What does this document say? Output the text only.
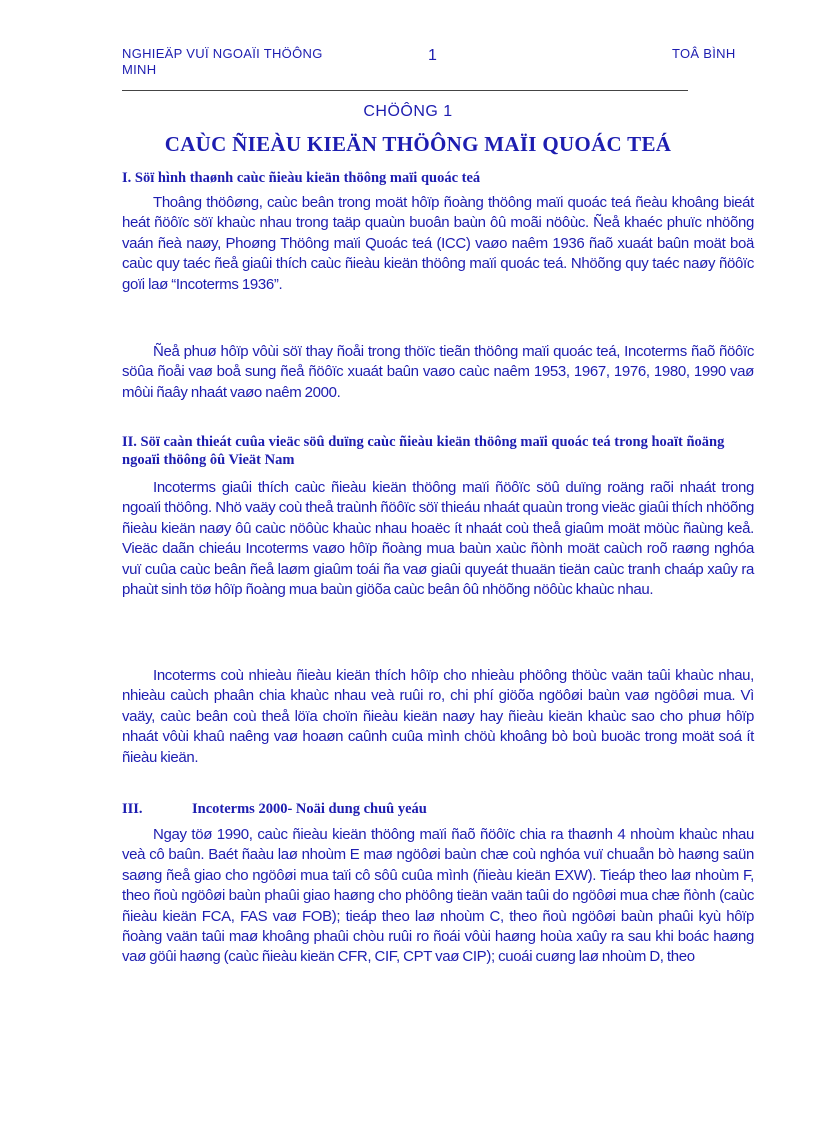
NGHIEÄP VUÏ NGOAÏI THÖÔNG MINH
1	TOÂ BÌNH
CHÖÔNG 1
CAÙC ÑIEÀU KIEÄN THÖÔNG MAÏI QUOÁC TEÁ
I. Söï hình thaønh caùc ñieàu kieän thöông maïi quoác teá
Thoâng thöôøng, caùc beân trong moät hôïp ñoàng thöông maïi quoác teá ñeàu khoâng bieát heát ñöôïc söï khaùc nhau trong taäp quaùn buoân baùn ôû moãi nöôùc. Ñeå khaéc phuïc nhöõng vaán ñeà naøy, Phoøng Thöông maïi Quoác teá (ICC) vaøo naêm 1936 ñaõ xuaát baûn moät boä caùc quy taéc ñeå giaûi thích caùc ñieàu kieän thöông maïi quoác teá. Nhöõng quy taéc naøy ñöôïc goïi laø “Incoterms 1936”.
Ñeå phuø hôïp vôùi söï thay ñoåi trong thöïc tieãn thöông maïi quoác teá, Incoterms ñaõ ñöôïc söûa ñoåi vaø boå sung ñeå ñöôïc xuaát baûn vaøo caùc naêm 1953, 1967, 1976, 1980, 1990 vaø môùi ñaây nhaát vaøo naêm 2000.
II. Söï caàn thieát cuûa vieäc söû duïng caùc ñieàu kieän thöông maïi quoác teá trong hoaït ñoäng ngoaïi thöông ôû Vieät Nam
Incoterms giaûi thích caùc ñieàu kieän thöông maïi ñöôïc söû duïng roäng raõi nhaát trong ngoaïi thöông. Nhö vaäy coù theå traùnh ñöôïc söï thieáu nhaát quaùn trong vieäc giaûi thích nhöõng ñieàu kieän naøy ôû caùc nöôùc khaùc nhau hoaëc ít nhaát coù theå giaûm moät möùc ñaùng keå. Vieäc daãn chieáu Incoterms vaøo hôïp ñoàng mua baùn xaùc ñònh moät caùch roõ raøng nghóa vuï cuûa caùc beân ñeå laøm giaûm toái ña vaø giaûi quyeát thuaän tieän caùc tranh chaáp xaûy ra phaùt sinh töø hôïp ñoàng mua baùn giöõa caùc beân ôû nhöõng nöôùc khaùc nhau.
Incoterms coù nhieàu ñieàu kieän thích hôïp cho nhieàu phöông thöùc vaän taûi khaùc nhau, nhieàu caùch phaân chia khaùc nhau veà ruûi ro, chi phí giöõa ngöôøi baùn vaø ngöôøi mua. Vì vaäy, caùc beân coù theå löïa choïn ñieàu kieän naøy hay ñieàu kieän khaùc sao cho phuø hôïp nhaát vôùi khaû naêng vaø hoaøn caûnh cuûa mình chöù khoâng bò boù buoäc trong moät soá ít ñieàu kieän.
III.	Incoterms 2000- Noäi dung chuû yeáu
Ngay töø 1990, caùc ñieàu kieän thöông maïi ñaõ ñöôïc chia ra thaønh 4 nhoùm khaùc nhau veà cô baûn. Baét ñaàu laø nhoùm E maø ngöôøi baùn chæ coù nghóa vuï chuaån bò haøng saün saøng ñeå giao cho ngöôøi mua taïi cô sôû cuûa mình (ñieàu kieän EXW). Tieáp theo laø nhoùm F, theo ñoù ngöôøi baùn phaûi giao haøng cho phöông tieän vaän taûi do ngöôøi mua chæ ñònh (caùc ñieàu kieän FCA, FAS vaø FOB); tieáp theo laø nhoùm C, theo ñoù ngöôøi baùn phaûi kyù hôïp ñoàng vaän taûi maø khoâng phaûi chòu ruûi ro ñoái vôùi haøng hoùa xaûy ra sau khi boác haøng vaø göûi haøng (caùc ñieàu kieän CFR, CIF, CPT vaø CIP); cuoái cuøng laø nhoùm D, theo
